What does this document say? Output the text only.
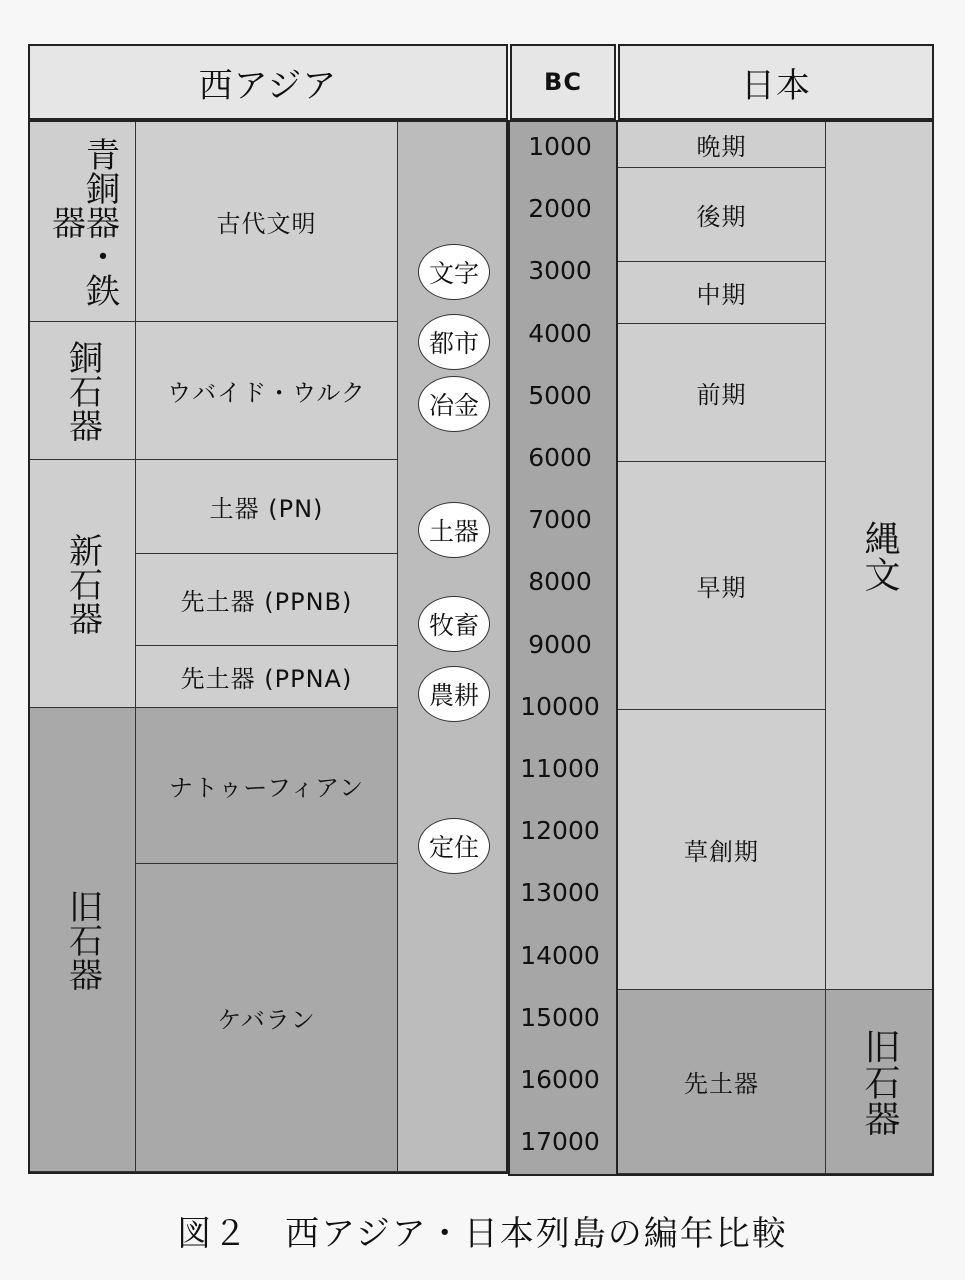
西アジア	BC	日本
青銅器・鉄器
銅石器
新石器
旧石器
古代文明
ウバイド・ウルク
土器 (PN)
先土器 (PPNB)
先土器 (PPNA)
ナトゥーフィアン
ケバラン
文字
都市
冶金
土器
牧畜
農耕
定住
1000
2000
3000
4000
5000
6000
7000
8000
9000
10000
11000
12000
13000
14000
15000
16000
17000
晩期
後期
中期
前期
早期
草創期
先土器
縄文
旧石器
図２　西アジア・日本列島の編年比較
